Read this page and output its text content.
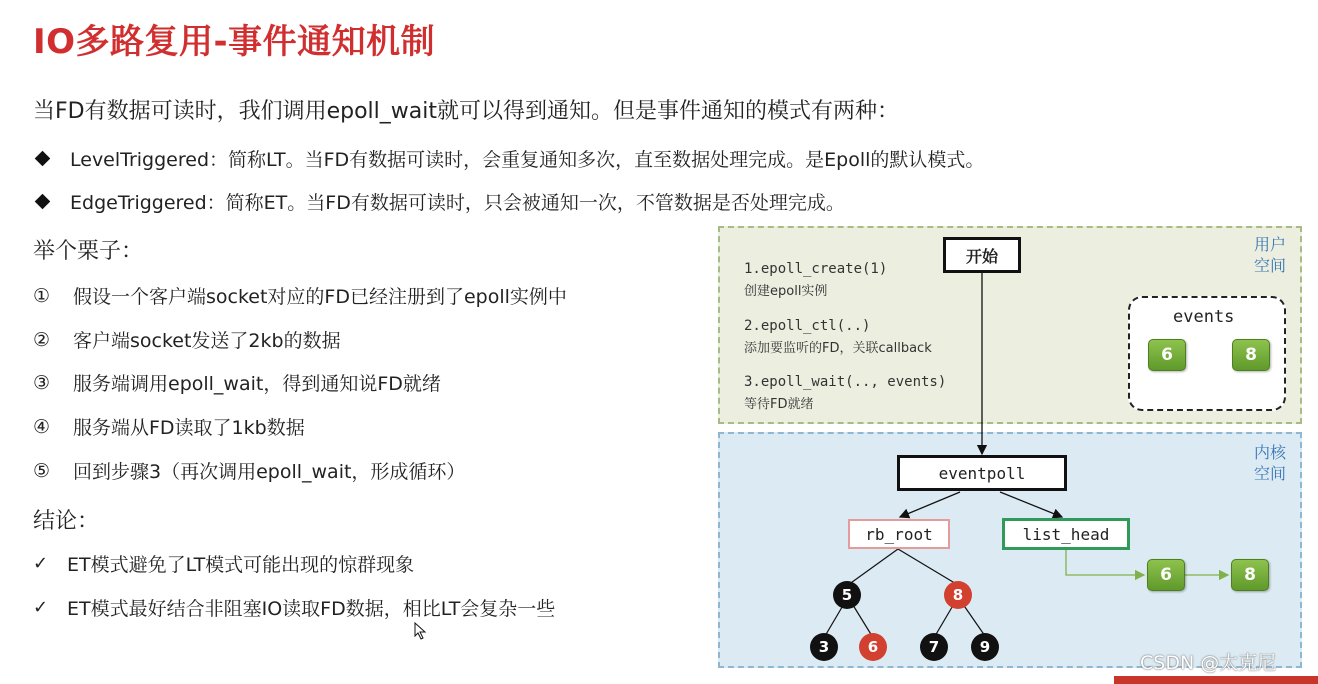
IO多路复用-事件通知机制
当FD有数据可读时，我们调用epoll_wait就可以得到通知。但是事件通知的模式有两种：
LevelTriggered：简称LT。当FD有数据可读时，会重复通知多次，直至数据处理完成。是Epoll的默认模式。
EdgeTriggered：简称ET。当FD有数据可读时，只会被通知一次，不管数据是否处理完成。
举个栗子：
①	假设一个客户端socket对应的FD已经注册到了epoll实例中
②	客户端socket发送了2kb的数据
③	服务端调用epoll_wait，得到通知说FD就绪
④	服务端从FD读取了1kb数据
⑤	回到步骤3（再次调用epoll_wait，形成循环）
结论：
✓ ET模式避免了LT模式可能出现的惊群现象
✓ ET模式最好结合非阻塞IO读取FD数据，相比LT会复杂一些
用户
空间
内核
空间
1.epoll_create(1)
创建epoll实例
2.epoll_ctl(..)
添加要监听的FD，关联callback
3.epoll_wait(.., events)
等待FD就绪
开始
events
6	8
eventpoll
rb_root	list_head
6	8
5	8
3	6	7	9
CSDN @太克尼
